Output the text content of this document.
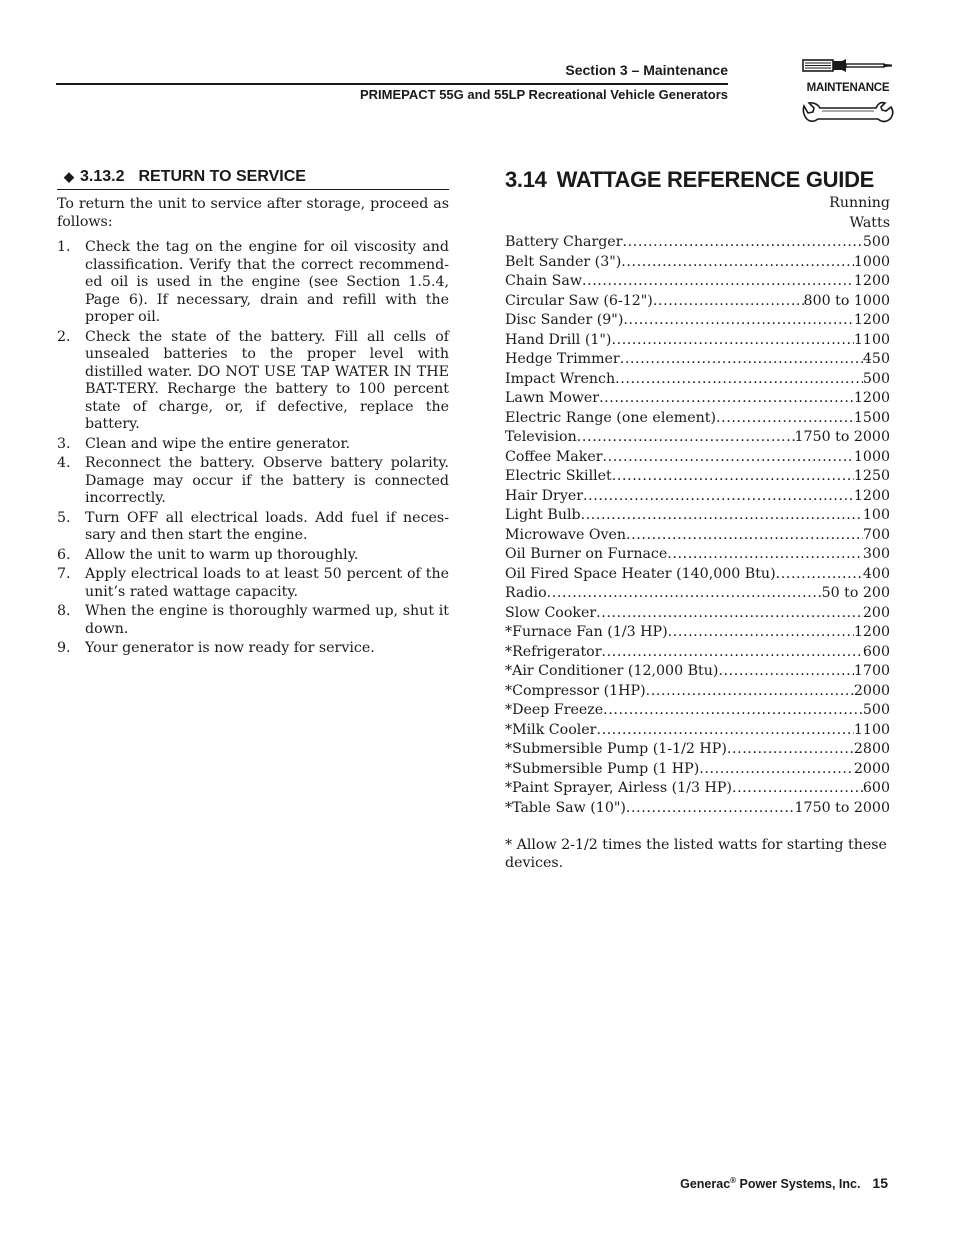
Section 3 – Maintenance
PRIMEPACT 55G and 55LP Recreational Vehicle Generators	MAINTENANCE
◆ 3.13.2 RETURN TO SERVICE

To return the unit to service after storage, proceed as follows:

1. Check the tag on the engine for oil viscosity and classification. Verify that the correct recommend-ed oil is used in the engine (see Section 1.5.4, Page 6). If necessary, drain and refill with the proper oil.
2. Check the state of the battery. Fill all cells of unsealed batteries to the proper level with distilled water. DO NOT USE TAP WATER IN THE BAT-TERY. Recharge the battery to 100 percent state of charge, or, if defective, replace the battery.
3. Clean and wipe the entire generator.
4. Reconnect the battery. Observe battery polarity. Damage may occur if the battery is connected incorrectly.
5. Turn OFF all electrical loads. Add fuel if neces-sary and then start the engine.
6. Allow the unit to warm up thoroughly.
7. Apply electrical loads to at least 50 percent of the unit’s rated wattage capacity.
8. When the engine is thoroughly warmed up, shut it down.
9. Your generator is now ready for service.
3.14 WATTAGE REFERENCE GUIDE
Running
Watts
Battery Charger .....	500
Belt Sander (3") .....	1000
Chain Saw .....	1200
Circular Saw (6-12") .....	800 to 1000
Disc Sander (9") .....	1200
Hand Drill (1") .....	1100
Hedge Trimmer .....	450
Impact Wrench .....	500
Lawn Mower .....	1200
Electric Range (one element) .....	1500
Television .....	1750 to 2000
Coffee Maker .....	1000
Electric Skillet .....	1250
Hair Dryer .....	1200
Light Bulb .....	100
Microwave Oven .....	700
Oil Burner on Furnace .....	300
Oil Fired Space Heater (140,000 Btu) .....	400
Radio .....	50 to 200
Slow Cooker .....	200
*Furnace Fan (1/3 HP) .....	1200
*Refrigerator .....	600
*Air Conditioner (12,000 Btu) .....	1700
*Compressor (1HP) .....	2000
*Deep Freeze .....	500
*Milk Cooler .....	1100
*Submersible Pump (1-1/2 HP) .....	2800
*Submersible Pump (1 HP) .....	2000
*Paint Sprayer, Airless (1/3 HP) .....	600
*Table Saw (10") .....	1750 to 2000
* Allow 2-1/2 times the listed watts for starting these devices.
Generac® Power Systems, Inc. 15
